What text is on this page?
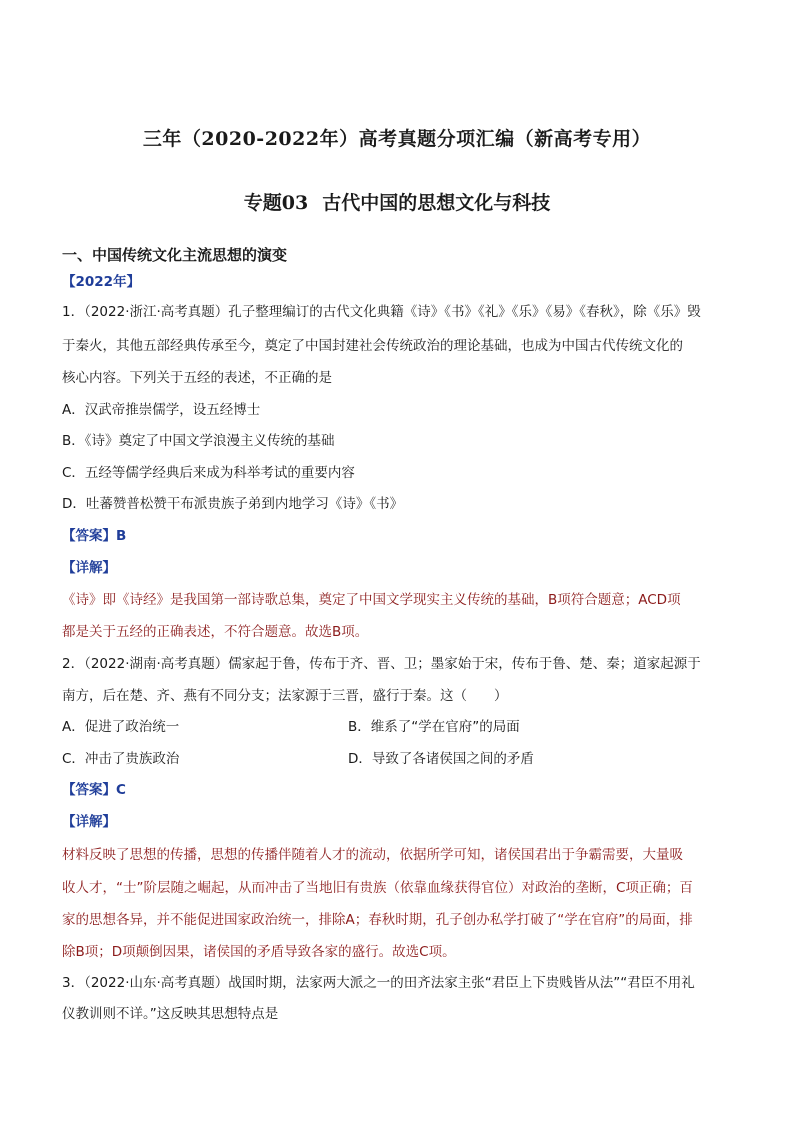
三年（2020-2022年）高考真题分项汇编（新高考专用）
专题03 古代中国的思想文化与科技
一、中国传统文化主流思想的演变
【2022年】
1．（2022·浙江·高考真题）孔子整理编订的古代文化典籍《诗》《书》《礼》《乐》《易》《春秋》，除《乐》毁
于秦火，其他五部经典传承至今，奠定了中国封建社会传统政治的理论基础，也成为中国古代传统文化的
核心内容。下列关于五经的表述，不正确的是
A．汉武帝推崇儒学，设五经博士
B．《诗》奠定了中国文学浪漫主义传统的基础
C．五经等儒学经典后来成为科举考试的重要内容
D．吐蕃赞普松赞干布派贵族子弟到内地学习《诗》《书》
【答案】B
【详解】
《诗》即《诗经》是我国第一部诗歌总集，奠定了中国文学现实主义传统的基础，B项符合题意；ACD项
都是关于五经的正确表述，不符合题意。故选B项。
2．（2022·湖南·高考真题）儒家起于鲁，传布于齐、晋、卫；墨家始于宋，传布于鲁、楚、秦；道家起源于
南方，后在楚、齐、燕有不同分支；法家源于三晋，盛行于秦。这（　　）
A．促进了政治统一	B．维系了“学在官府”的局面
C．冲击了贵族政治	D．导致了各诸侯国之间的矛盾
【答案】C
【详解】
材料反映了思想的传播，思想的传播伴随着人才的流动，依据所学可知，诸侯国君出于争霸需要，大量吸
收人才，“士”阶层随之崛起，从而冲击了当地旧有贵族（依靠血缘获得官位）对政治的垄断，C项正确；百
家的思想各异，并不能促进国家政治统一，排除A；春秋时期，孔子创办私学打破了“学在官府”的局面，排
除B项；D项颠倒因果，诸侯国的矛盾导致各家的盛行。故选C项。
3．（2022·山东·高考真题）战国时期，法家两大派之一的田齐法家主张“君臣上下贵贱皆从法”“君臣不用礼
仪教训则不详。”这反映其思想特点是
